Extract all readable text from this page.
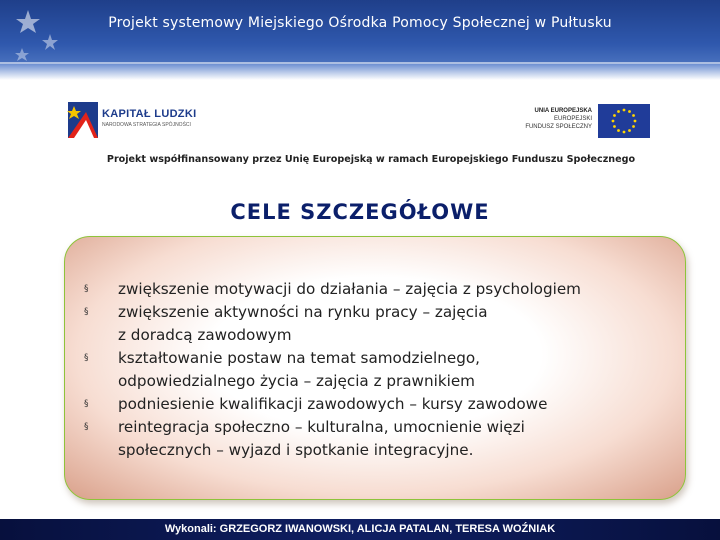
Projekt systemowy Miejskiego Ośrodka Pomocy Społecznej w Pułtusku
KAPITAŁ LUDZKI
NARODOWA STRATEGIA SPÓJNOŚCI
UNIA EUROPEJSKA
EUROPEJSKI
FUNDUSZ SPOŁECZNY
Projekt współfinansowany przez Unię Europejską w ramach Europejskiego Funduszu Społecznego
CELE SZCZEGÓŁOWE
§ zwiększenie motywacji do działania – zajęcia z psychologiem
§ zwiększenie aktywności na rynku pracy – zajęcia
z doradcą zawodowym
§ kształtowanie postaw na temat samodzielnego,
odpowiedzialnego życia – zajęcia z prawnikiem
§ podniesienie kwalifikacji zawodowych – kursy zawodowe
§ reintegracja społeczno – kulturalna, umocnienie więzi
społecznych – wyjazd i spotkanie integracyjne.
Wykonali: GRZEGORZ IWANOWSKI, ALICJA PATALAN, TERESA WOŹNIAK
